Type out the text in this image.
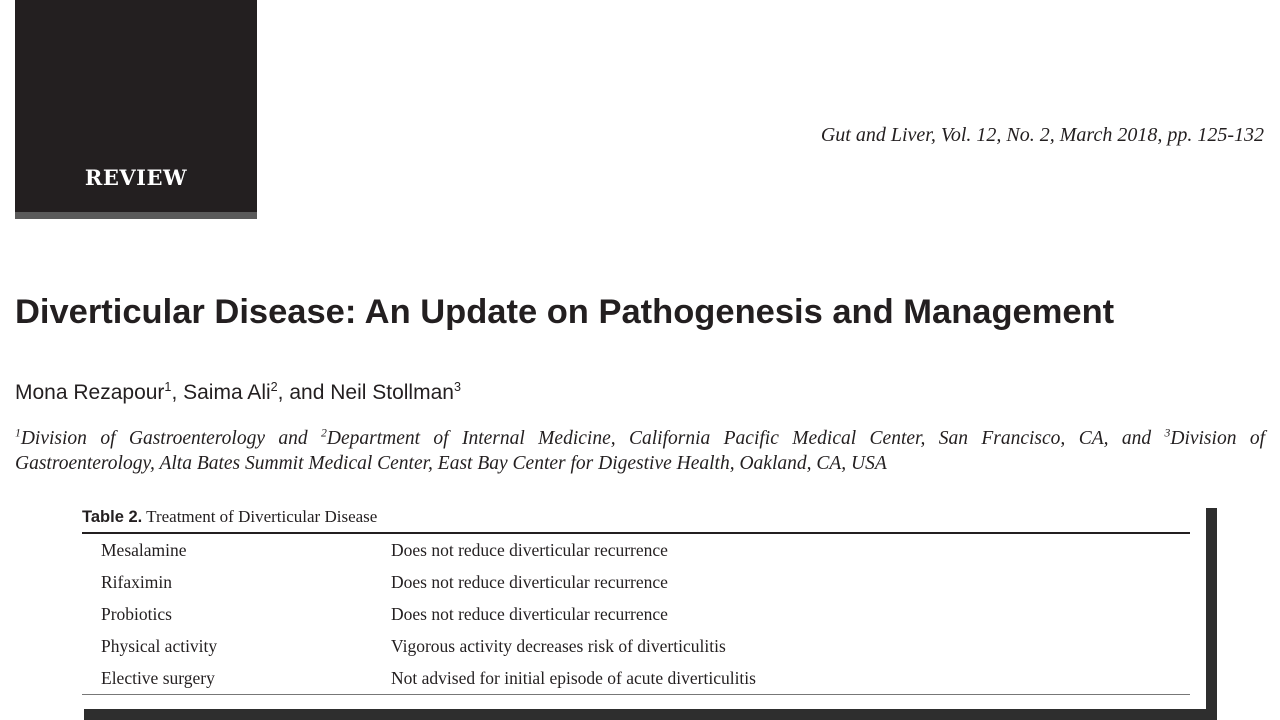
REVIEW
Gut and Liver, Vol. 12, No. 2, March 2018, pp. 125-132
Diverticular Disease: An Update on Pathogenesis and Management
Mona Rezapour$^1$, Saima Ali$^2$, and Neil Stollman$^3$
$^1$Division of Gastroenterology and $^2$Department of Internal Medicine, California Pacific Medical Center, San Francisco, CA, and $^3$Division of Gastroenterology, Alta Bates Summit Medical Center, East Bay Center for Digestive Health, Oakland, CA, USA
Table 2. Treatment of Diverticular Disease
Mesalamine	Does not reduce diverticular recurrence
Rifaximin	Does not reduce diverticular recurrence
Probiotics	Does not reduce diverticular recurrence
Physical activity	Vigorous activity decreases risk of diverticulitis
Elective surgery	Not advised for initial episode of acute diverticulitis
